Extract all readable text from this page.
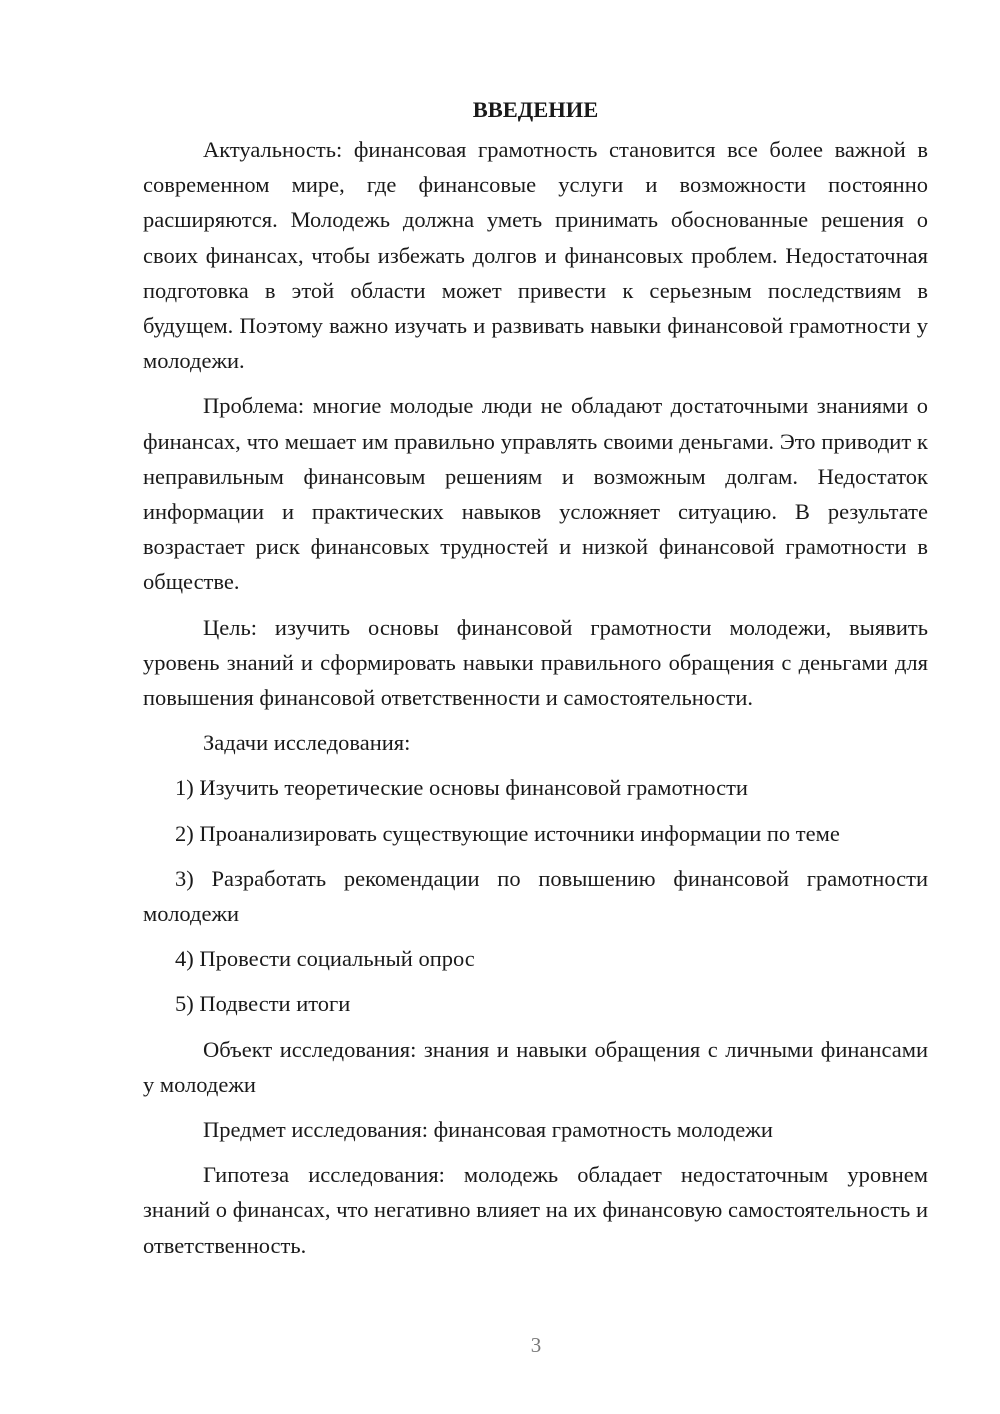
ВВЕДЕНИЕ

Актуальность: финансовая грамотность становится все более важной в современном мире, где финансовые услуги и возможности постоянно расширяются. Молодежь должна уметь принимать обоснованные решения о своих финансах, чтобы избежать долгов и финансовых проблем. Недостаточная подготовка в этой области может привести к серьезным последствиям в будущем. Поэтому важно изучать и развивать навыки финансовой грамотности у молодежи.

Проблема: многие молодые люди не обладают достаточными знаниями о финансах, что мешает им правильно управлять своими деньгами. Это приводит к неправильным финансовым решениям и возможным долгам. Недостаток информации и практических навыков усложняет ситуацию. В результате возрастает риск финансовых трудностей и низкой финансовой грамотности в обществе.

Цель: изучить основы финансовой грамотности молодежи, выявить уровень знаний и сформировать навыки правильного обращения с деньгами для повышения финансовой ответственности и самостоятельности.

Задачи исследования:

1) Изучить теоретические основы финансовой грамотности

2) Проанализировать существующие источники информации по теме

3) Разработать рекомендации по повышению финансовой грамотности молодежи

4) Провести социальный опрос

5) Подвести итоги

Объект исследования: знания и навыки обращения с личными финансами у молодежи

Предмет исследования: финансовая грамотность молодежи

Гипотеза исследования: молодежь обладает недостаточным уровнем знаний о финансах, что негативно влияет на их финансовую самостоятельность и ответственность.

3
